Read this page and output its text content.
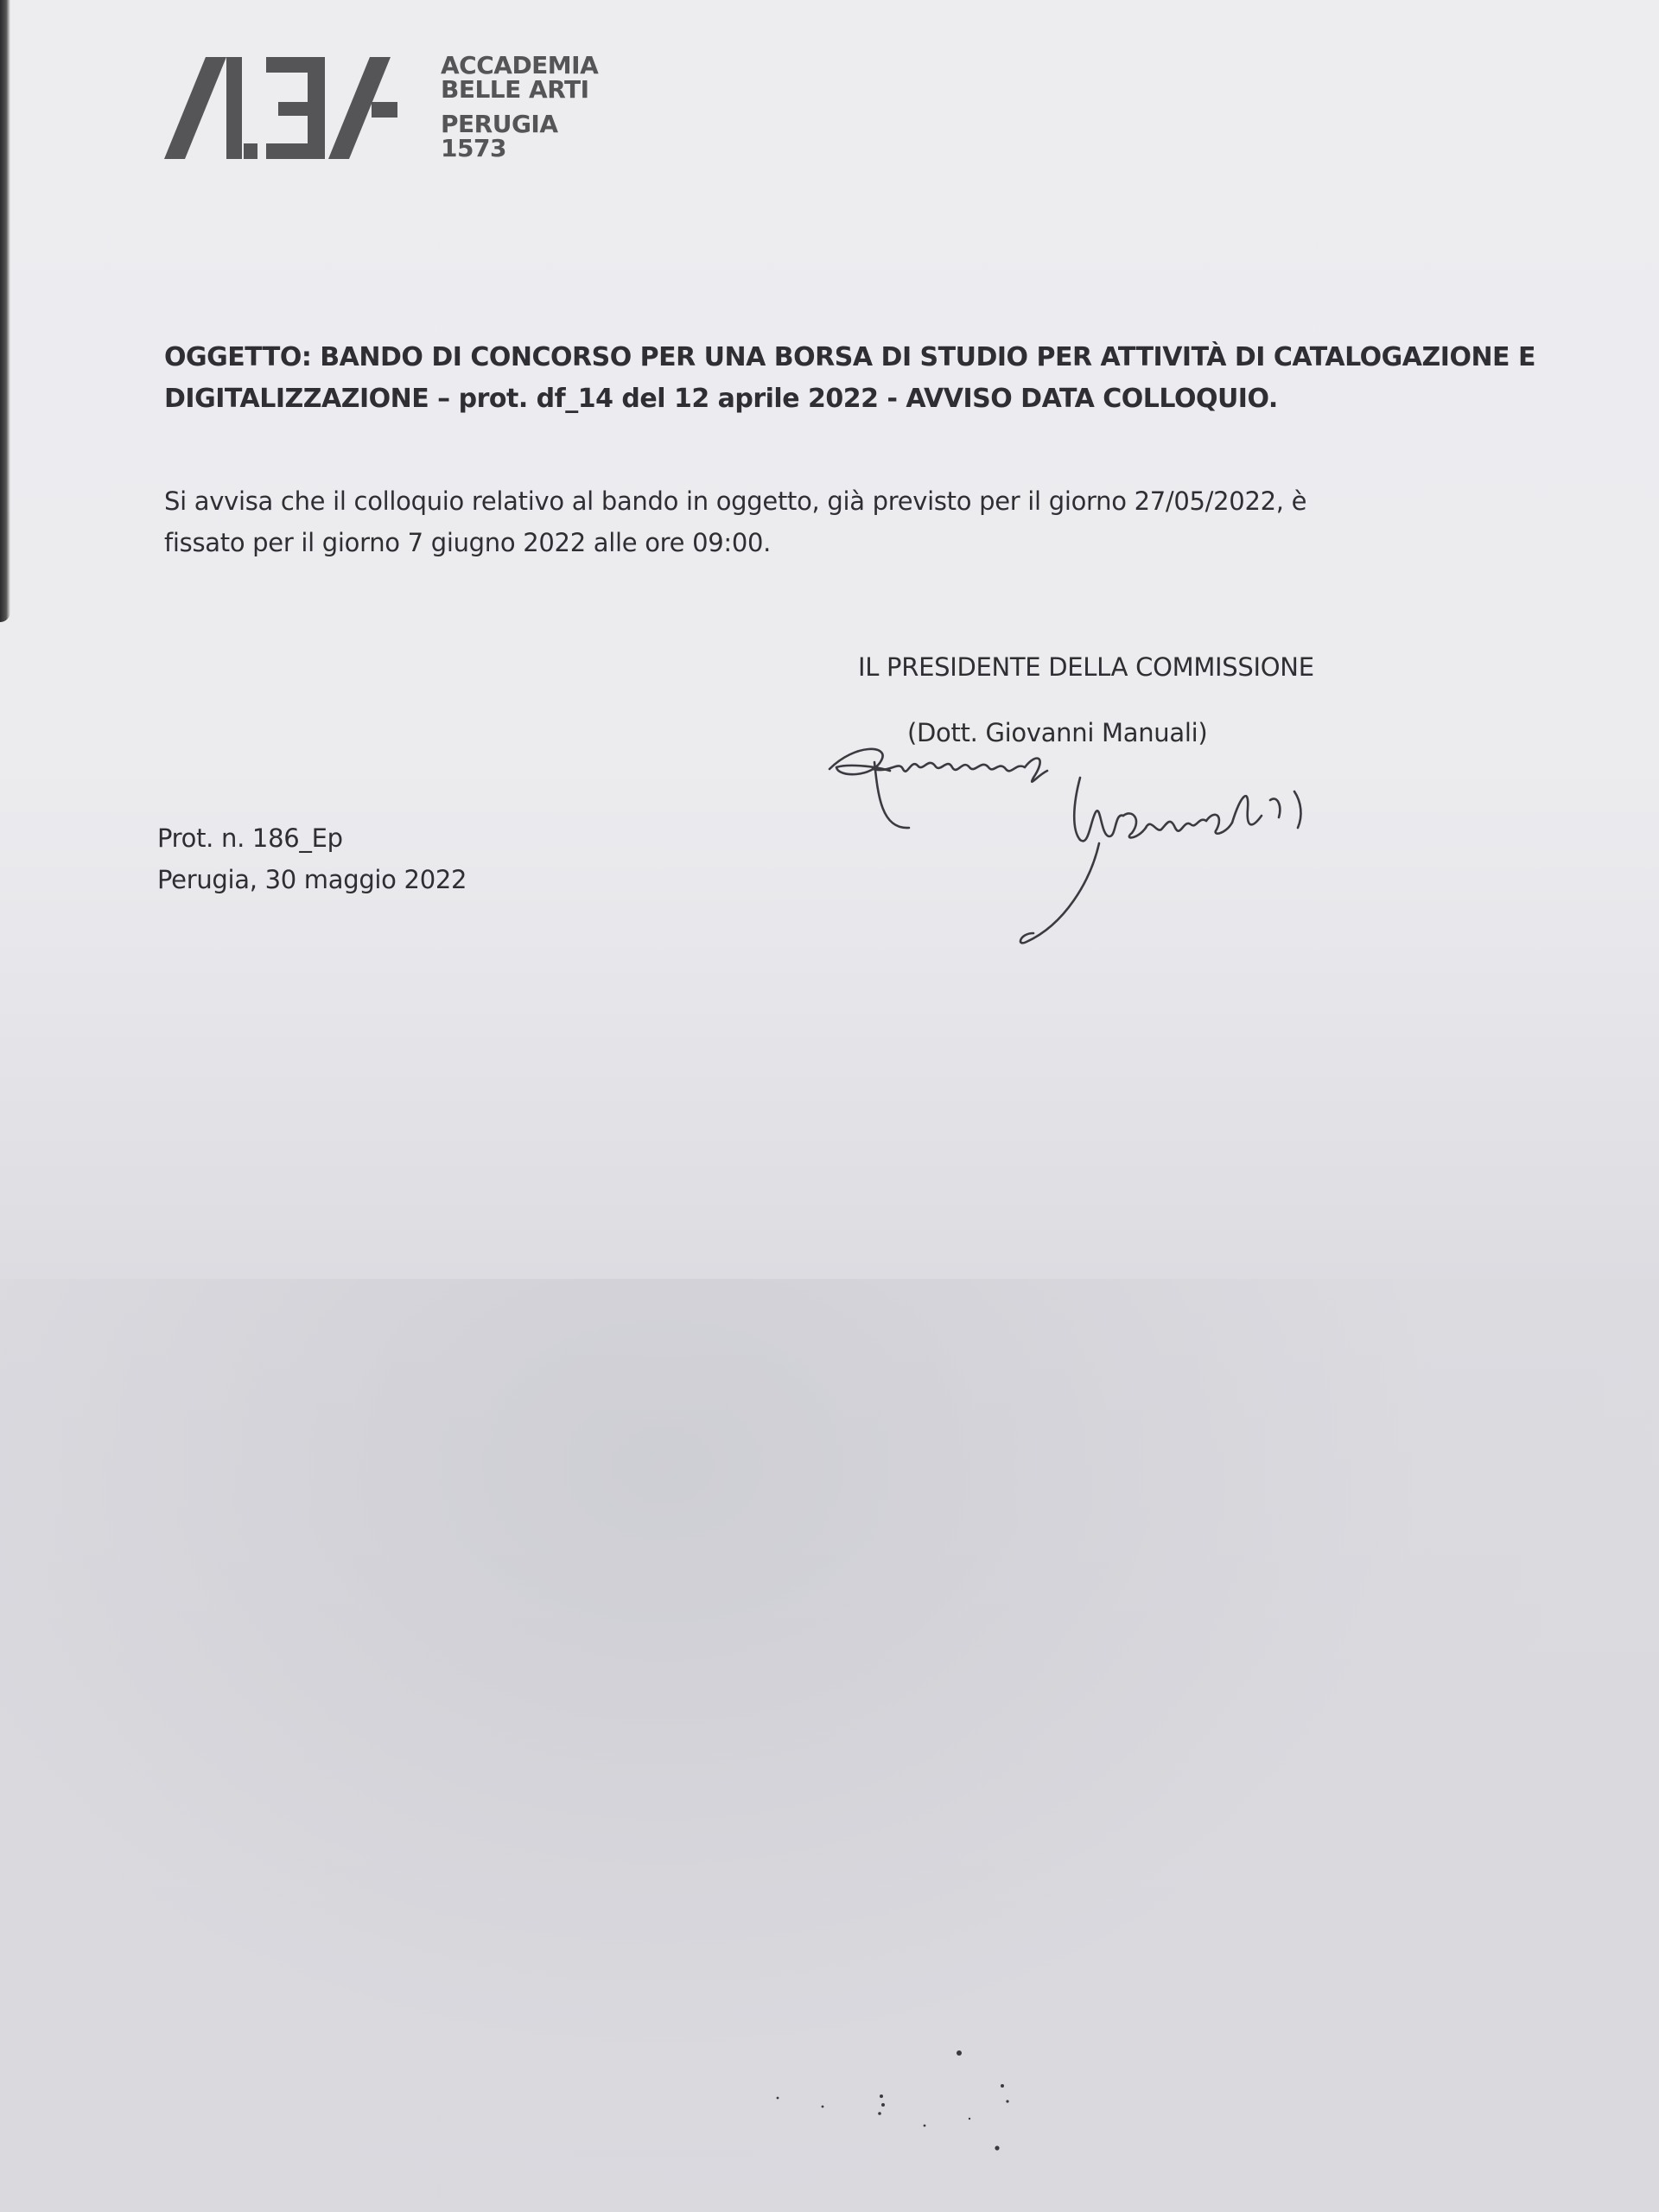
ACCADEMIA
BELLE ARTI
PERUGIA
1573
OGGETTO: BANDO DI CONCORSO PER UNA BORSA DI STUDIO PER ATTIVITÀ DI CATALOGAZIONE E
DIGITALIZZAZIONE – prot. df_14 del 12 aprile 2022 - AVVISO DATA COLLOQUIO.
Si avvisa che il colloquio relativo al bando in oggetto, già previsto per il giorno 27/05/2022, è
fissato per il giorno 7 giugno 2022 alle ore 09:00.
IL PRESIDENTE DELLA COMMISSIONE
(Dott. Giovanni Manuali)
Prot. n. 186_Ep
Perugia, 30 maggio 2022
